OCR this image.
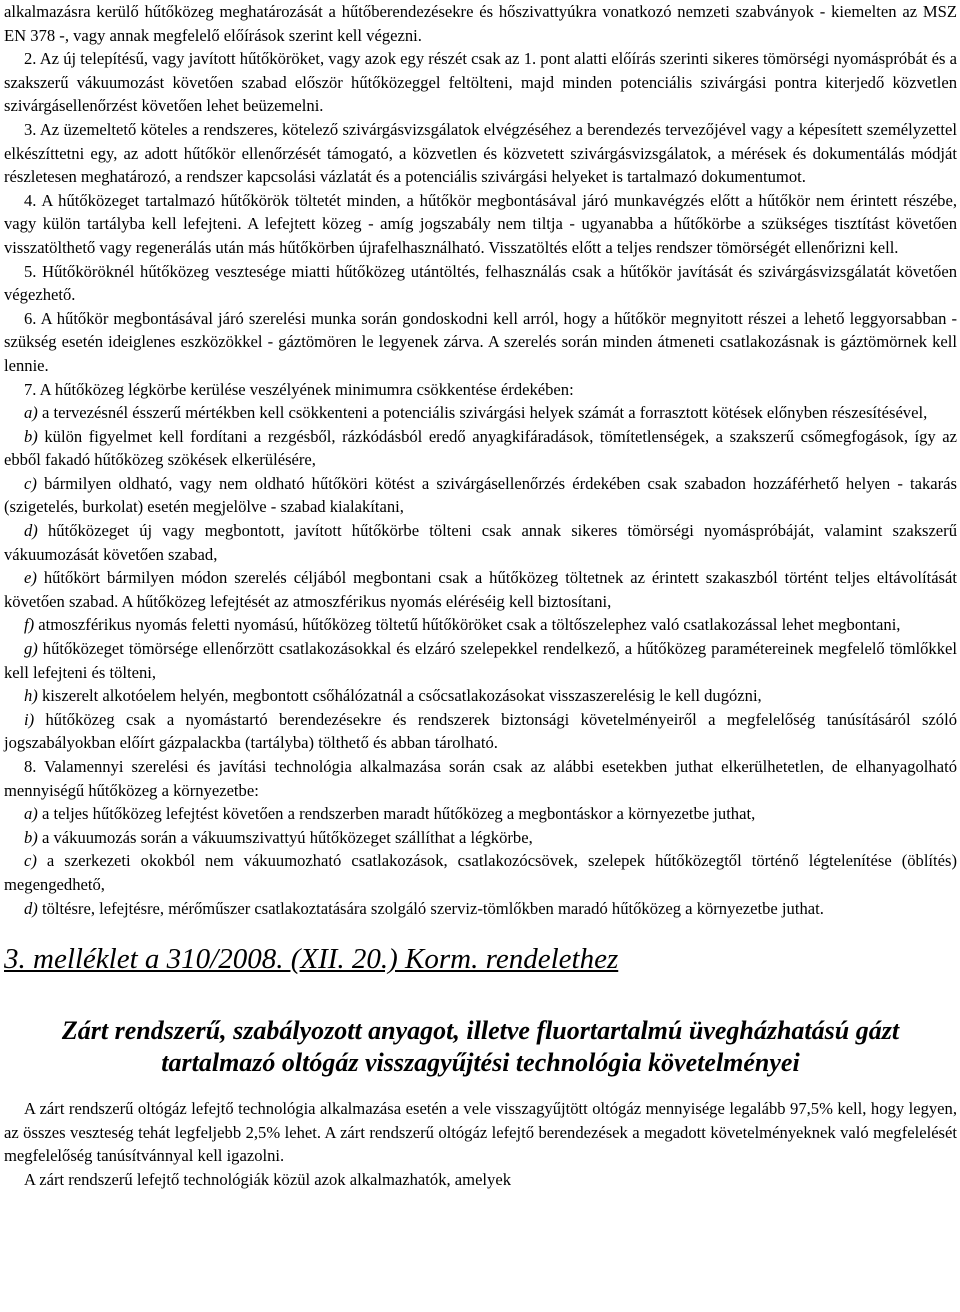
alkalmazásra kerülő hűtőközeg meghatározását a hűtőberendezésekre és hőszivattyúkra vonatkozó nemzeti szabványok - kiemelten az MSZ EN 378 -, vagy annak megfelelő előírások szerint kell végezni.

2. Az új telepítésű, vagy javított hűtőköröket, vagy azok egy részét csak az 1. pont alatti előírás szerinti sikeres tömörségi nyomáspróbát és a szakszerű vákuumozást követően szabad először hűtőközeggel feltölteni, majd minden potenciális szivárgási pontra kiterjedő közvetlen szivárgásellenőrzést követően lehet beüzemelni.

3. Az üzemeltető köteles a rendszeres, kötelező szivárgásvizsgálatok elvégzéséhez a berendezés tervezőjével vagy a képesített személyzettel elkészíttetni egy, az adott hűtőkör ellenőrzését támogató, a közvetlen és közvetett szivárgásvizsgálatok, a mérések és dokumentálás módját részletesen meghatározó, a rendszer kapcsolási vázlatát és a potenciális szivárgási helyeket is tartalmazó dokumentumot.

4. A hűtőközeget tartalmazó hűtőkörök töltetét minden, a hűtőkör megbontásával járó munkavégzés előtt a hűtőkör nem érintett részébe, vagy külön tartályba kell lefejteni. A lefejtett közeg - amíg jogszabály nem tiltja - ugyanabba a hűtőkörbe a szükséges tisztítást követően visszatölthető vagy regenerálás után más hűtőkörben újrafelhasználható. Visszatöltés előtt a teljes rendszer tömörségét ellenőrizni kell.

5. Hűtőköröknél hűtőközeg vesztesége miatti hűtőközeg utántöltés, felhasználás csak a hűtőkör javítását és szivárgásvizsgálatát követően végezhető.

6. A hűtőkör megbontásával járó szerelési munka során gondoskodni kell arról, hogy a hűtőkör megnyitott részei a lehető leggyorsabban - szükség esetén ideiglenes eszközökkel - gáztömören le legyenek zárva. A szerelés során minden átmeneti csatlakozásnak is gáztömörnek kell lennie.

7. A hűtőközeg légkörbe kerülése veszélyének minimumra csökkentése érdekében:

a) a tervezésnél ésszerű mértékben kell csökkenteni a potenciális szivárgási helyek számát a forrasztott kötések előnyben részesítésével,

b) külön figyelmet kell fordítani a rezgésből, rázkódásból eredő anyagkifáradások, tömítetlenségek, a szakszerű csőmegfogások, így az ebből fakadó hűtőközeg szökések elkerülésére,

c) bármilyen oldható, vagy nem oldható hűtőköri kötést a szivárgásellenőrzés érdekében csak szabadon hozzáférhető helyen - takarás (szigetelés, burkolat) esetén megjelölve - szabad kialakítani,

d) hűtőközeget új vagy megbontott, javított hűtőkörbe tölteni csak annak sikeres tömörségi nyomáspróbáját, valamint szakszerű vákuumozását követően szabad,

e) hűtőkört bármilyen módon szerelés céljából megbontani csak a hűtőközeg töltetnek az érintett szakaszból történt teljes eltávolítását követően szabad. A hűtőközeg lefejtését az atmoszférikus nyomás eléréséig kell biztosítani,

f) atmoszférikus nyomás feletti nyomású, hűtőközeg töltetű hűtőköröket csak a töltőszelephez való csatlakozással lehet megbontani,

g) hűtőközeget tömörsége ellenőrzött csatlakozásokkal és elzáró szelepekkel rendelkező, a hűtőközeg paramétereinek megfelelő tömlőkkel kell lefejteni és tölteni,

h) kiszerelt alkotóelem helyén, megbontott csőhálózatnál a csőcsatlakozásokat visszaszerelésig le kell dugózni,

i) hűtőközeg csak a nyomástartó berendezésekre és rendszerek biztonsági követelményeiről a megfelelőség tanúsításáról szóló jogszabályokban előírt gázpalackba (tartályba) tölthető és abban tárolható.

8. Valamennyi szerelési és javítási technológia alkalmazása során csak az alábbi esetekben juthat elkerülhetetlen, de elhanyagolható mennyiségű hűtőközeg a környezetbe:

a) a teljes hűtőközeg lefejtést követően a rendszerben maradt hűtőközeg a megbontáskor a környezetbe juthat,

b) a vákuumozás során a vákuumszivattyú hűtőközeget szállíthat a légkörbe,

c) a szerkezeti okokból nem vákuumozható csatlakozások, csatlakozócsövek, szelepek hűtőközegtől történő légtelenítése (öblítés) megengedhető,

d) töltésre, lefejtésre, mérőműszer csatlakoztatására szolgáló szerviz-tömlőkben maradó hűtőközeg a környezetbe juthat.

3. melléklet a 310/2008. (XII. 20.) Korm. rendelethez
Zárt rendszerű, szabályozott anyagot, illetve fluortartalmú üvegházhatású gázt tartalmazó oltógáz visszagyűjtési technológia követelményei

A zárt rendszerű oltógáz lefejtő technológia alkalmazása esetén a vele visszagyűjtött oltógáz mennyisége legalább 97,5% kell, hogy legyen, az összes veszteség tehát legfeljebb 2,5% lehet. A zárt rendszerű oltógáz lefejtő berendezések a megadott követelményeknek való megfelelését megfelelőség tanúsítvánnyal kell igazolni.

A zárt rendszerű lefejtő technológiák közül azok alkalmazhatók, amelyek
